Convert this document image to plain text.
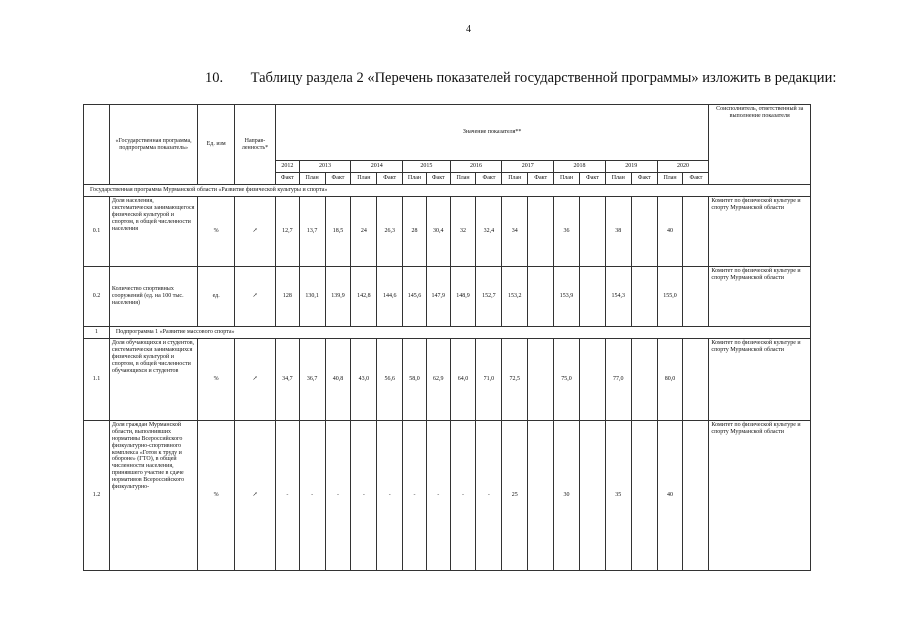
4
10. Таблицу раздела 2 «Перечень показателей государственной программы» изложить в редакции:
	«Государственная программа, подпрограмма показатель»	Ед. изм	Направ-ленность*	Значение показателя**																	Соисполнитель, ответственный за выполнение показателя
				2012	2013		2014		2015		2016		2017		2018		2019		2020		
				Факт	План	Факт	План	Факт	План	Факт	План	Факт	План	Факт	План	Факт	План	Факт	План	Факт	
Государственная программа Мурманской области «Развитие физической культуры и спорта»																					
0.1	Доля населения, систематически занимающегося физической культурой и спортом, в общей численности населения	%	↗	12,7	13,7	18,5	24	26,3	28	30,4	32	32,4	34		36		38		40		Комитет по физической культуре и спорту Мурманской области
0.2	Количество спортивных сооружений (ед. на 100 тыс. населения)	ед.	↗	128	130,1	139,9	142,8	144,6	145,6	147,9	148,9	152,7	153,2		153,9		154,3		155,0		Комитет по физической культуре и спорту Мурманской области
1	Подпрограмма 1 «Развитие массового спорта»																				
1.1	Доля обучающихся и студентов, систематически занимающихся физической культурой и спортом, в общей численности обучающихся и студентов	%	↗	34,7	36,7	40,8	43,0	56,6	58,0	62,9	64,0	71,0	72,5		75,0		77,0		80,0		Комитет по физической культуре и спорту Мурманской области
1.2	Доля граждан Мурманской области, выполнивших нормативы Всероссийского физкультурно-спортивного комплекса «Готов к труду и обороне» (ГТО), в общей численности населения, принявшего участие в сдаче нормативов Всероссийского физкультурно-	%	↗	-	-	-	-	-	-	-	-	-	25		30		35		40		Комитет по физической культуре и спорту Мурманской области
